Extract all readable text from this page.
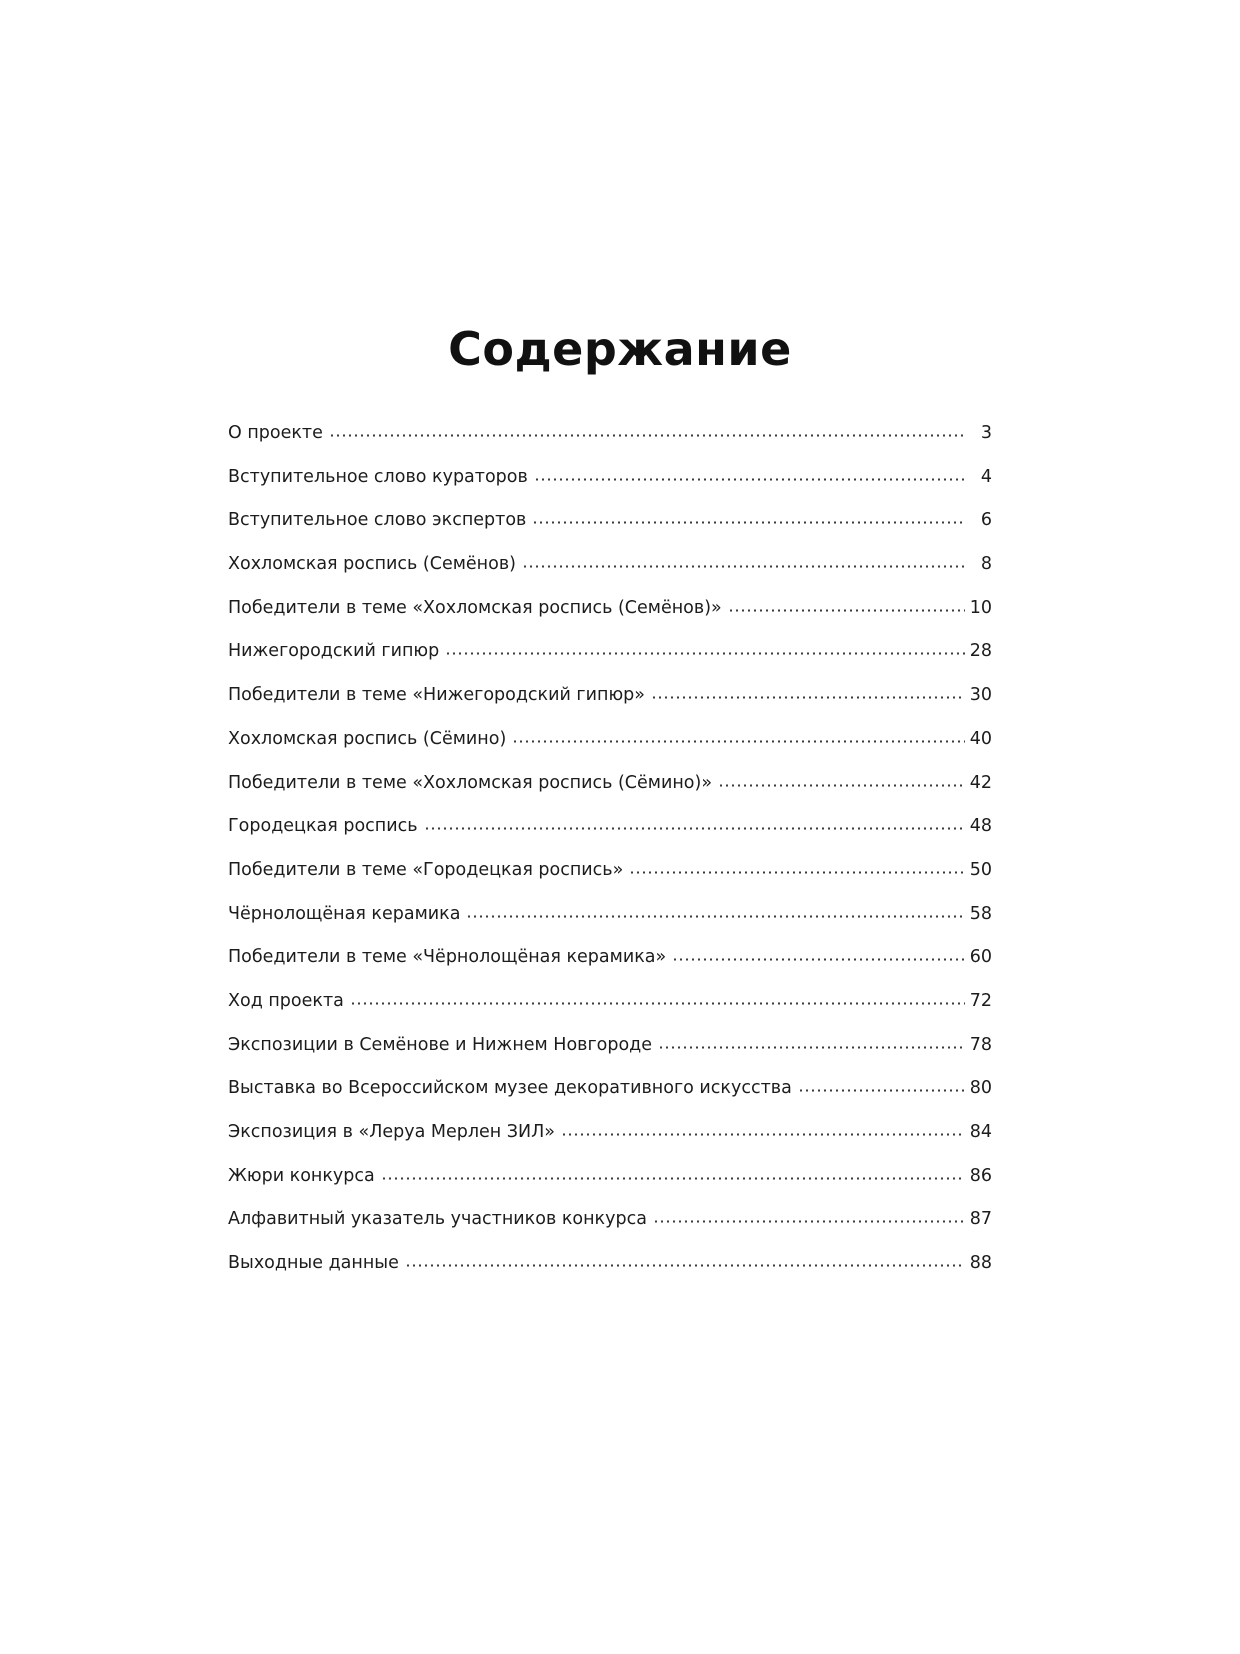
Содержание
О проекте	3
Вступительное слово кураторов	4
Вступительное слово экспертов	6
Хохломская роспись (Семёнов)	8
Победители в теме «Хохломская роспись (Семёнов)»	10
Нижегородский гипюр	28
Победители в теме «Нижегородский гипюр»	30
Хохломская роспись (Сёмино)	40
Победители в теме «Хохломская роспись (Сёмино)»	42
Городецкая роспись	48
Победители в теме «Городецкая роспись»	50
Чёрнолощёная керамика	58
Победители в теме «Чёрнолощёная керамика»	60
Ход проекта	72
Экспозиции в Семёнове и Нижнем Новгороде	78
Выставка во Всероссийском музее декоративного искусства	80
Экспозиция в «Леруа Мерлен ЗИЛ»	84
Жюри конкурса	86
Алфавитный указатель участников конкурса	87
Выходные данные	88
